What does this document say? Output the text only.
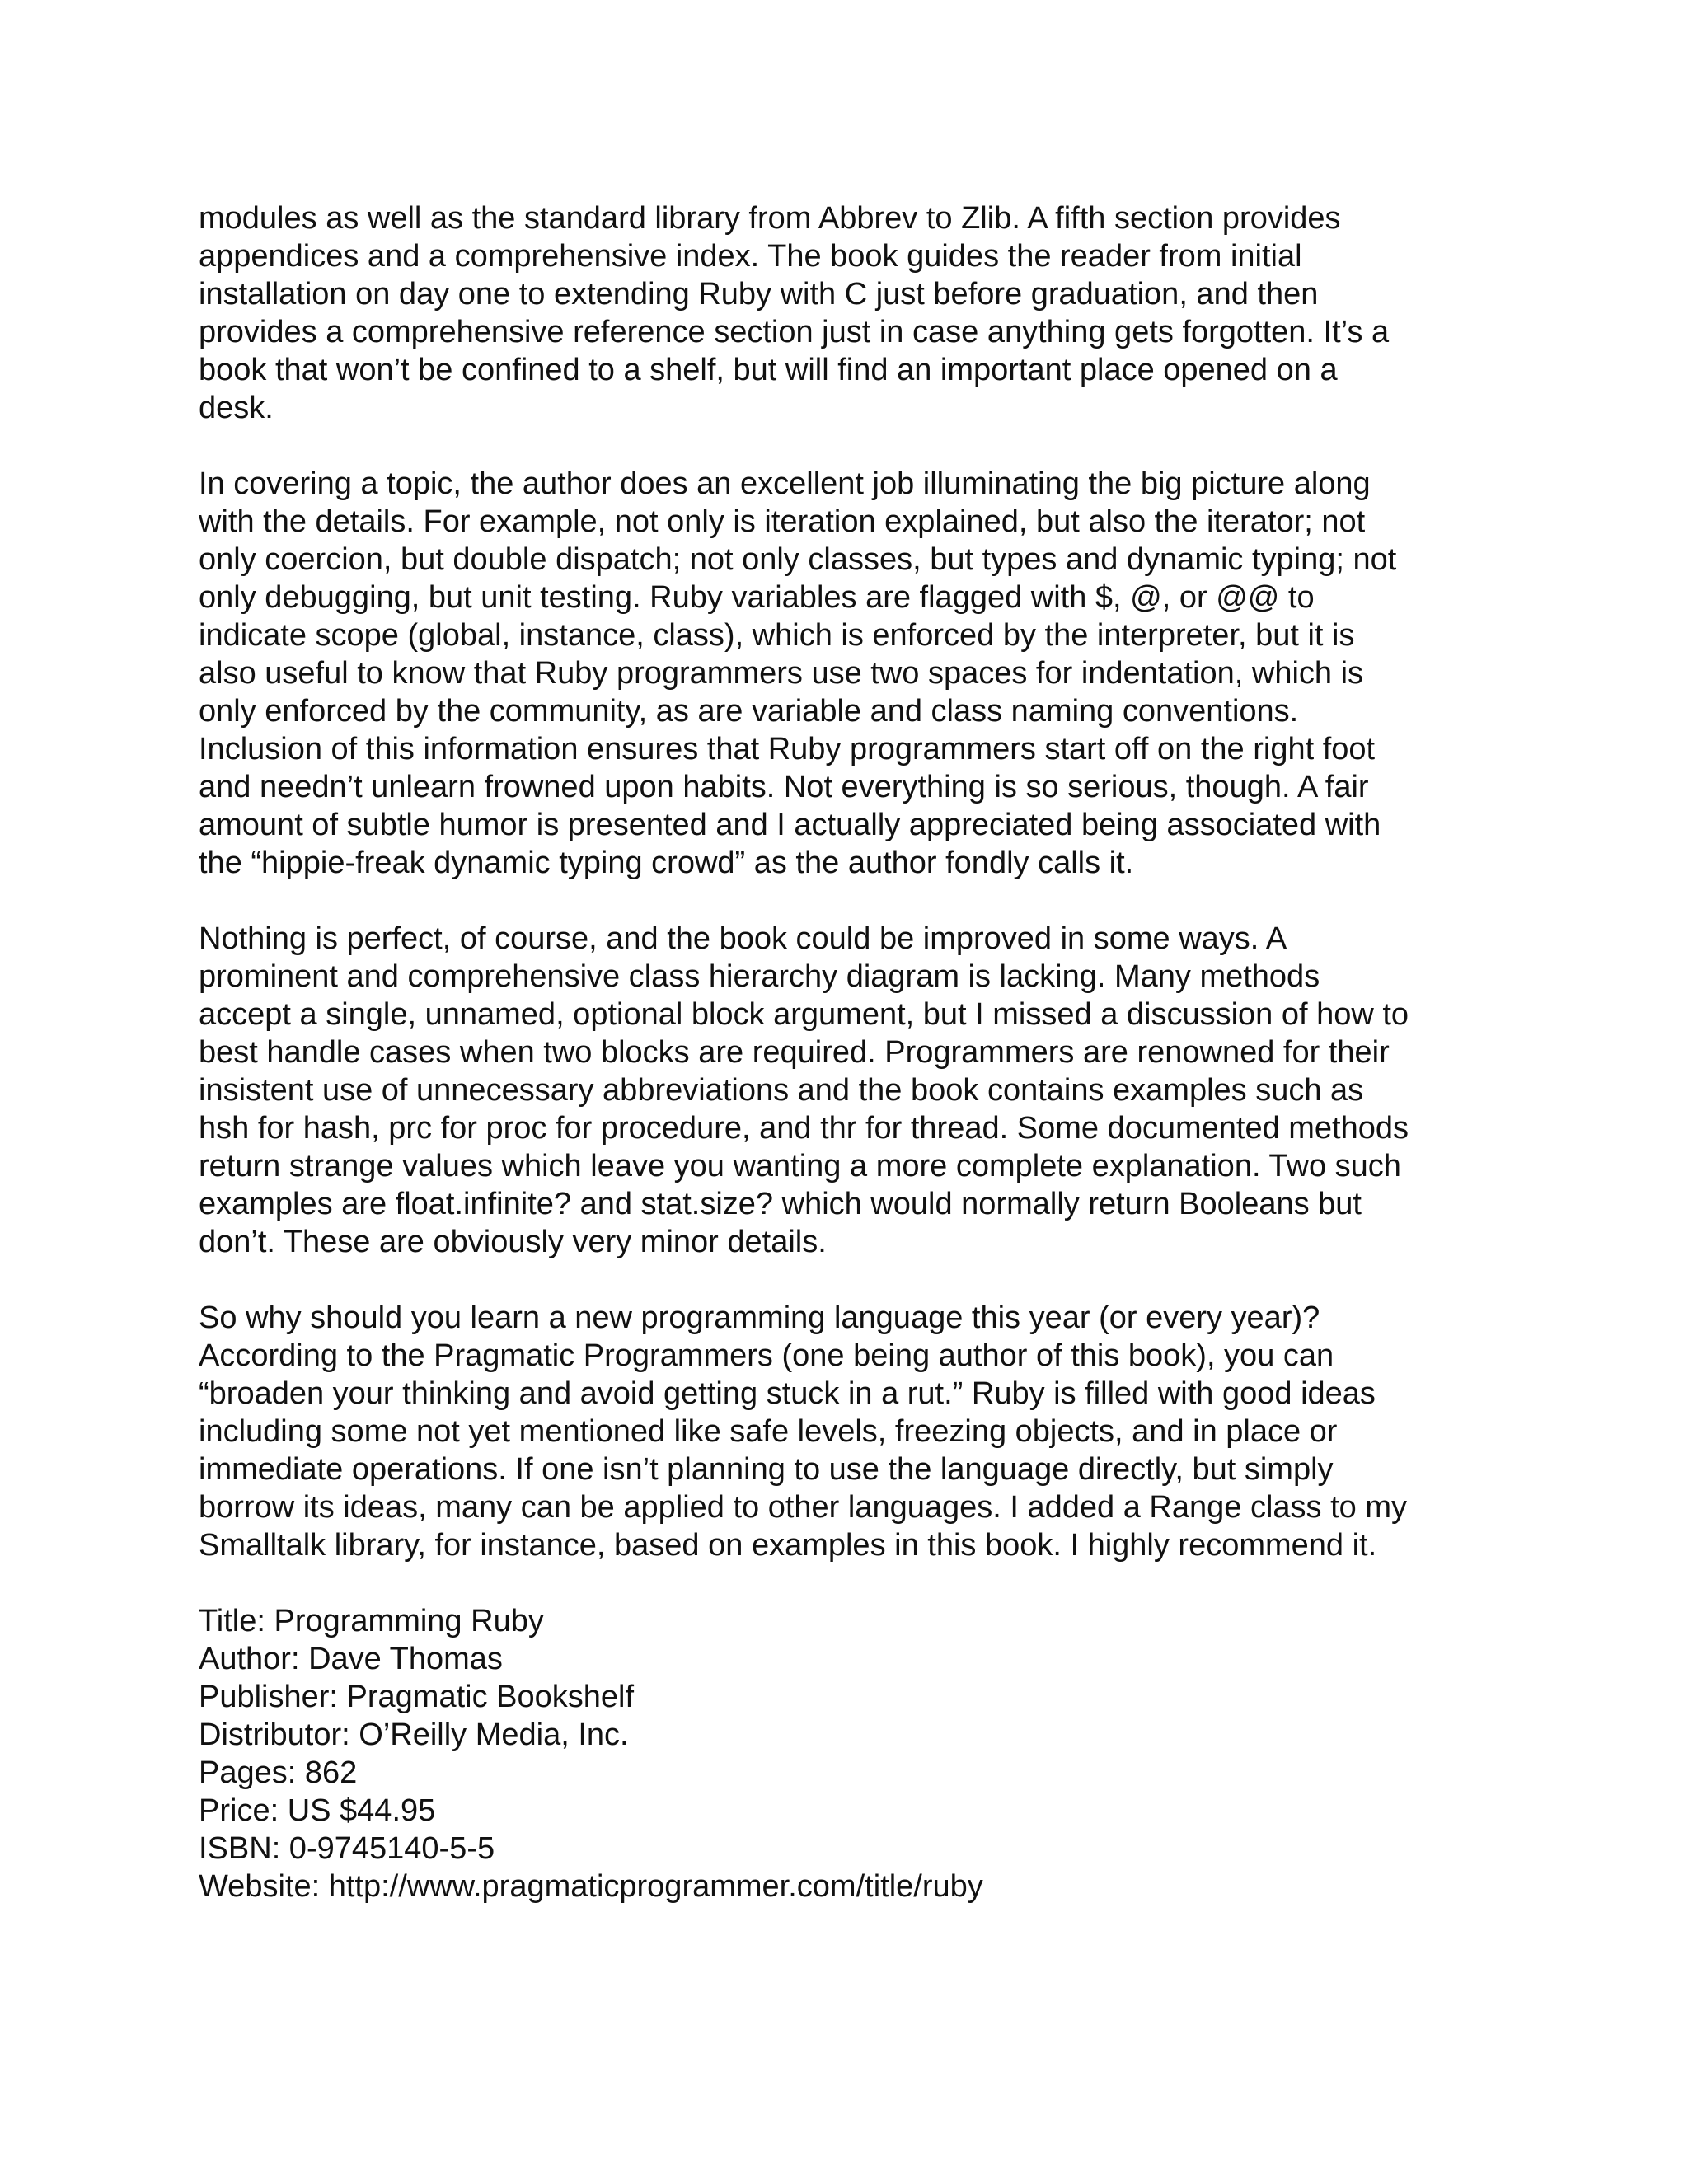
modules as well as the standard library from Abbrev to Zlib. A fifth section provides
appendices and a comprehensive index. The book guides the reader from initial
installation on day one to extending Ruby with C just before graduation, and then
provides a comprehensive reference section just in case anything gets forgotten. It’s a
book that won’t be confined to a shelf, but will find an important place opened on a
desk.

In covering a topic, the author does an excellent job illuminating the big picture along
with the details. For example, not only is iteration explained, but also the iterator; not
only coercion, but double dispatch; not only classes, but types and dynamic typing; not
only debugging, but unit testing. Ruby variables are flagged with $, @, or @@ to
indicate scope (global, instance, class), which is enforced by the interpreter, but it is
also useful to know that Ruby programmers use two spaces for indentation, which is
only enforced by the community, as are variable and class naming conventions.
Inclusion of this information ensures that Ruby programmers start off on the right foot
and needn’t unlearn frowned upon habits. Not everything is so serious, though. A fair
amount of subtle humor is presented and I actually appreciated being associated with
the “hippie-freak dynamic typing crowd” as the author fondly calls it.

Nothing is perfect, of course, and the book could be improved in some ways. A
prominent and comprehensive class hierarchy diagram is lacking. Many methods
accept a single, unnamed, optional block argument, but I missed a discussion of how to
best handle cases when two blocks are required. Programmers are renowned for their
insistent use of unnecessary abbreviations and the book contains examples such as
hsh for hash, prc for proc for procedure, and thr for thread. Some documented methods
return strange values which leave you wanting a more complete explanation. Two such
examples are float.infinite? and stat.size? which would normally return Booleans but
don’t. These are obviously very minor details.

So why should you learn a new programming language this year (or every year)?
According to the Pragmatic Programmers (one being author of this book), you can
“broaden your thinking and avoid getting stuck in a rut.” Ruby is filled with good ideas
including some not yet mentioned like safe levels, freezing objects, and in place or
immediate operations. If one isn’t planning to use the language directly, but simply
borrow its ideas, many can be applied to other languages. I added a Range class to my
Smalltalk library, for instance, based on examples in this book. I highly recommend it.

Title: Programming Ruby
Author: Dave Thomas
Publisher: Pragmatic Bookshelf
Distributor: O’Reilly Media, Inc.
Pages: 862
Price: US $44.95
ISBN: 0-9745140-5-5
Website: http://www.pragmaticprogrammer.com/title/ruby
